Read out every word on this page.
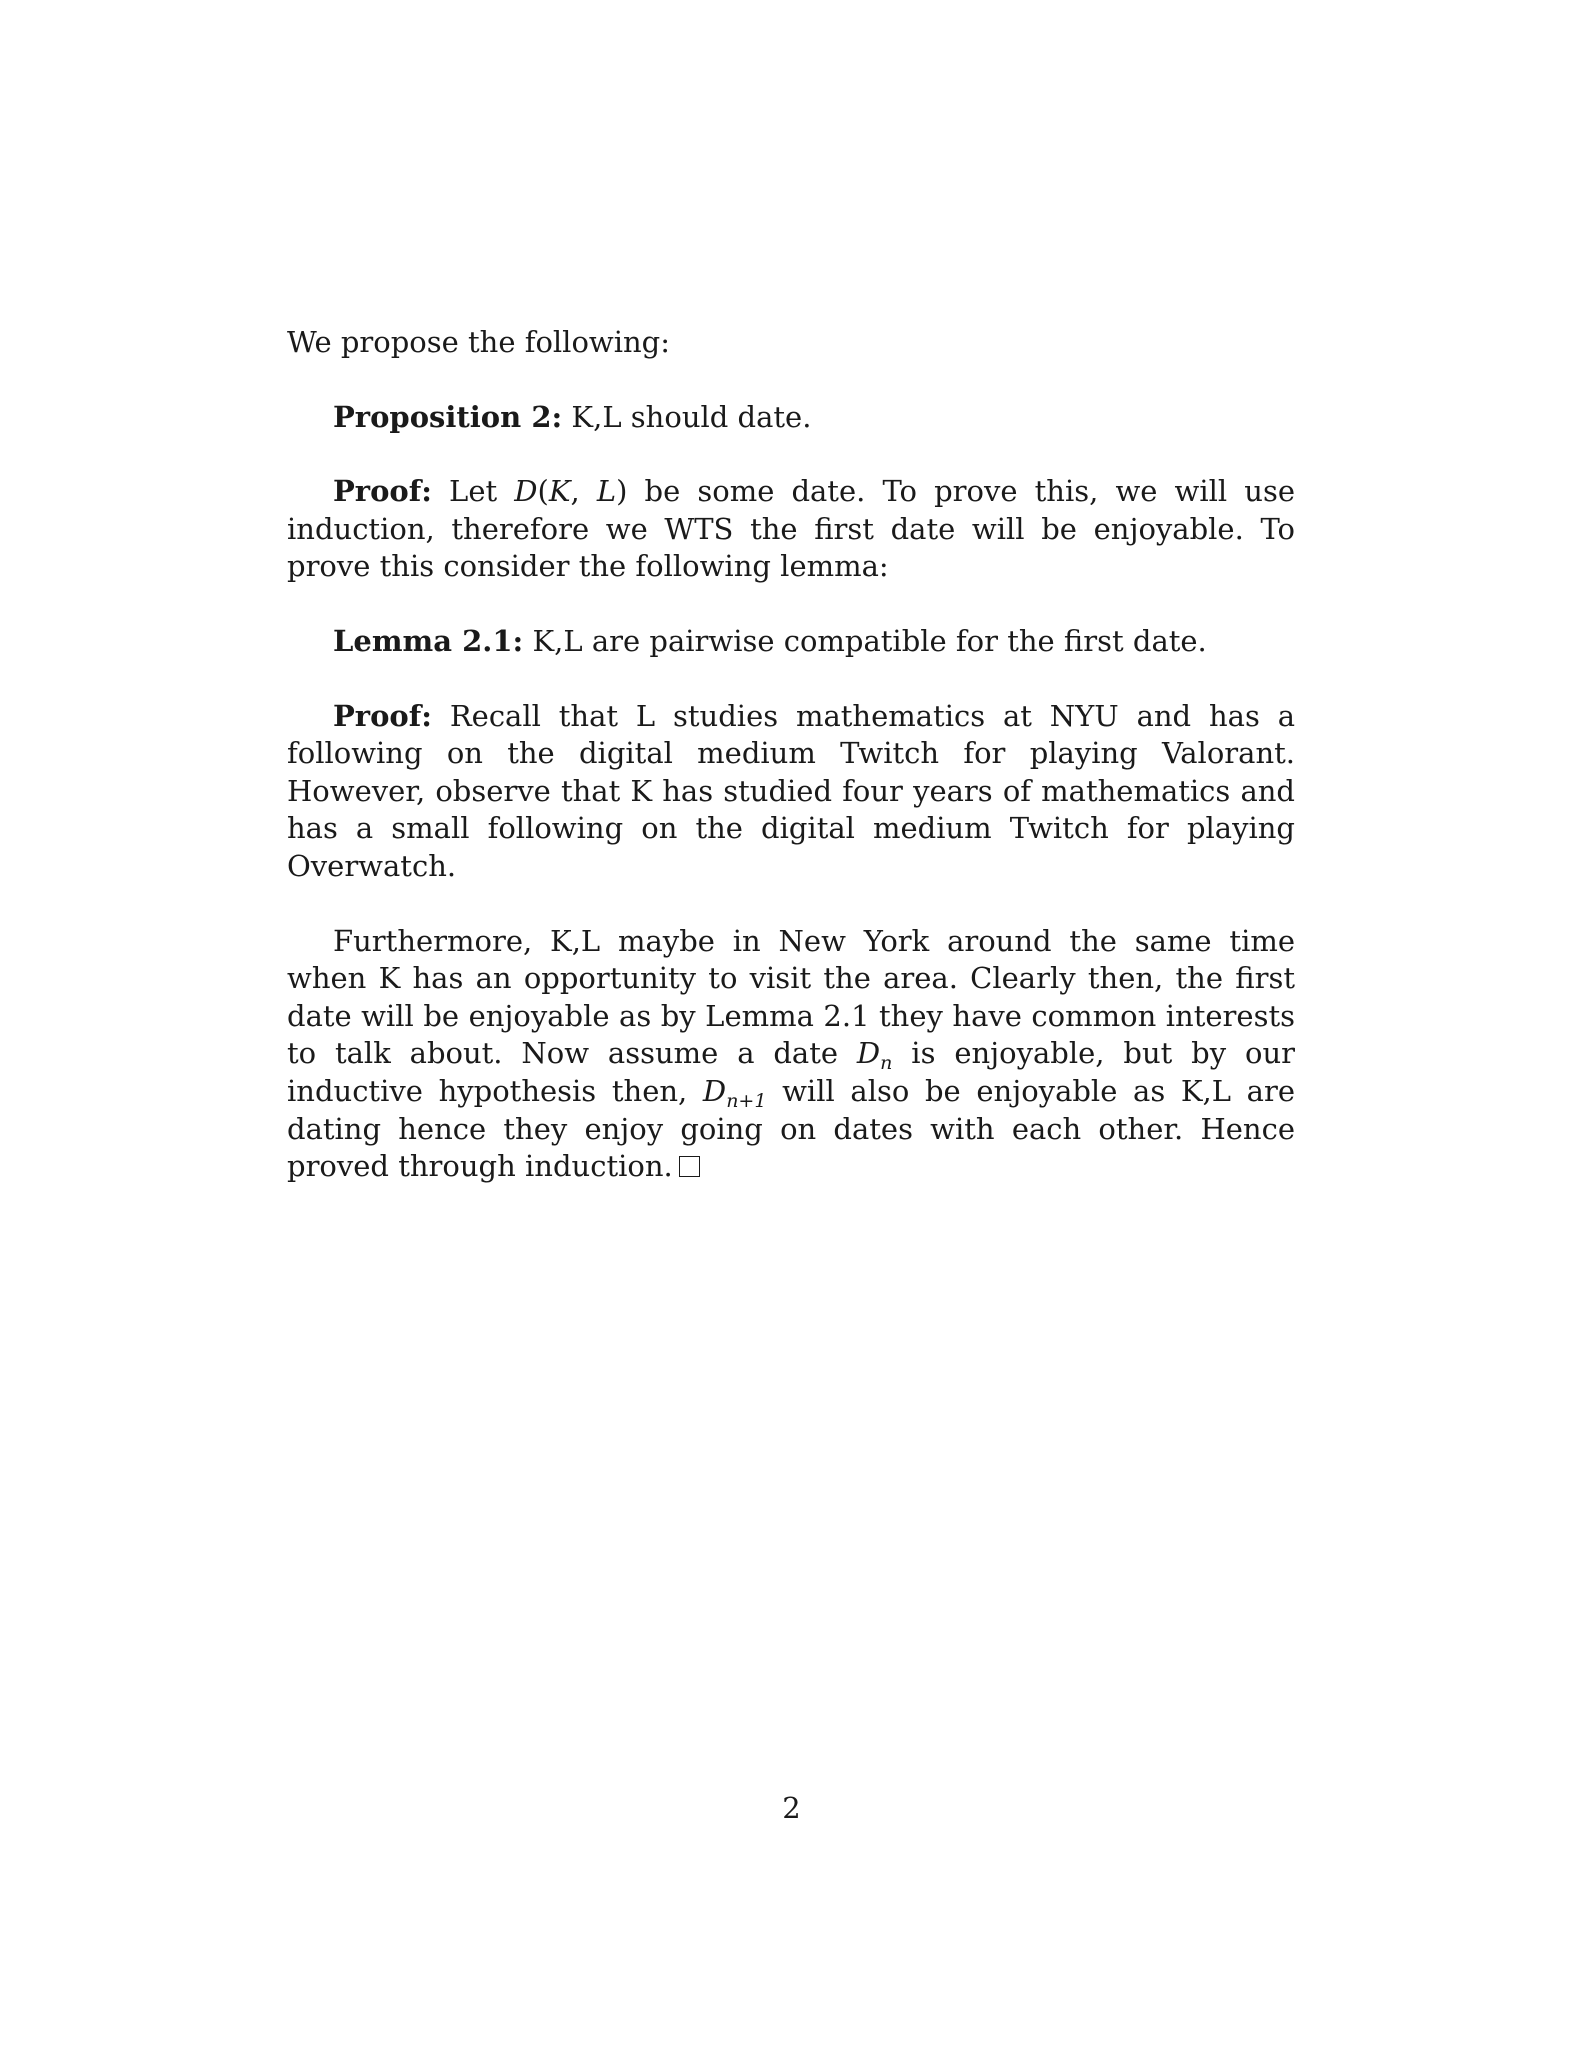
We propose the following:

Proposition 2: K,L should date.

Proof: Let D(K, L) be some date. To prove this, we will use induction, therefore we WTS the first date will be enjoyable. To prove this consider the following lemma:

Lemma 2.1: K,L are pairwise compatible for the first date.

Proof: Recall that L studies mathematics at NYU and has a following on the digital medium Twitch for playing Valorant. However, observe that K has studied four years of mathematics and has a small following on the digital medium Twitch for playing Overwatch.

Furthermore, K,L maybe in New York around the same time when K has an opportunity to visit the area. Clearly then, the first date will be enjoyable as by Lemma 2.1 they have common interests to talk about. Now assume a date $D_n$ is enjoyable, but by our inductive hypothesis then, $D_{n+1}$ will also be enjoyable as K,L are dating hence they enjoy going on dates with each other. Hence proved through induction.

2
